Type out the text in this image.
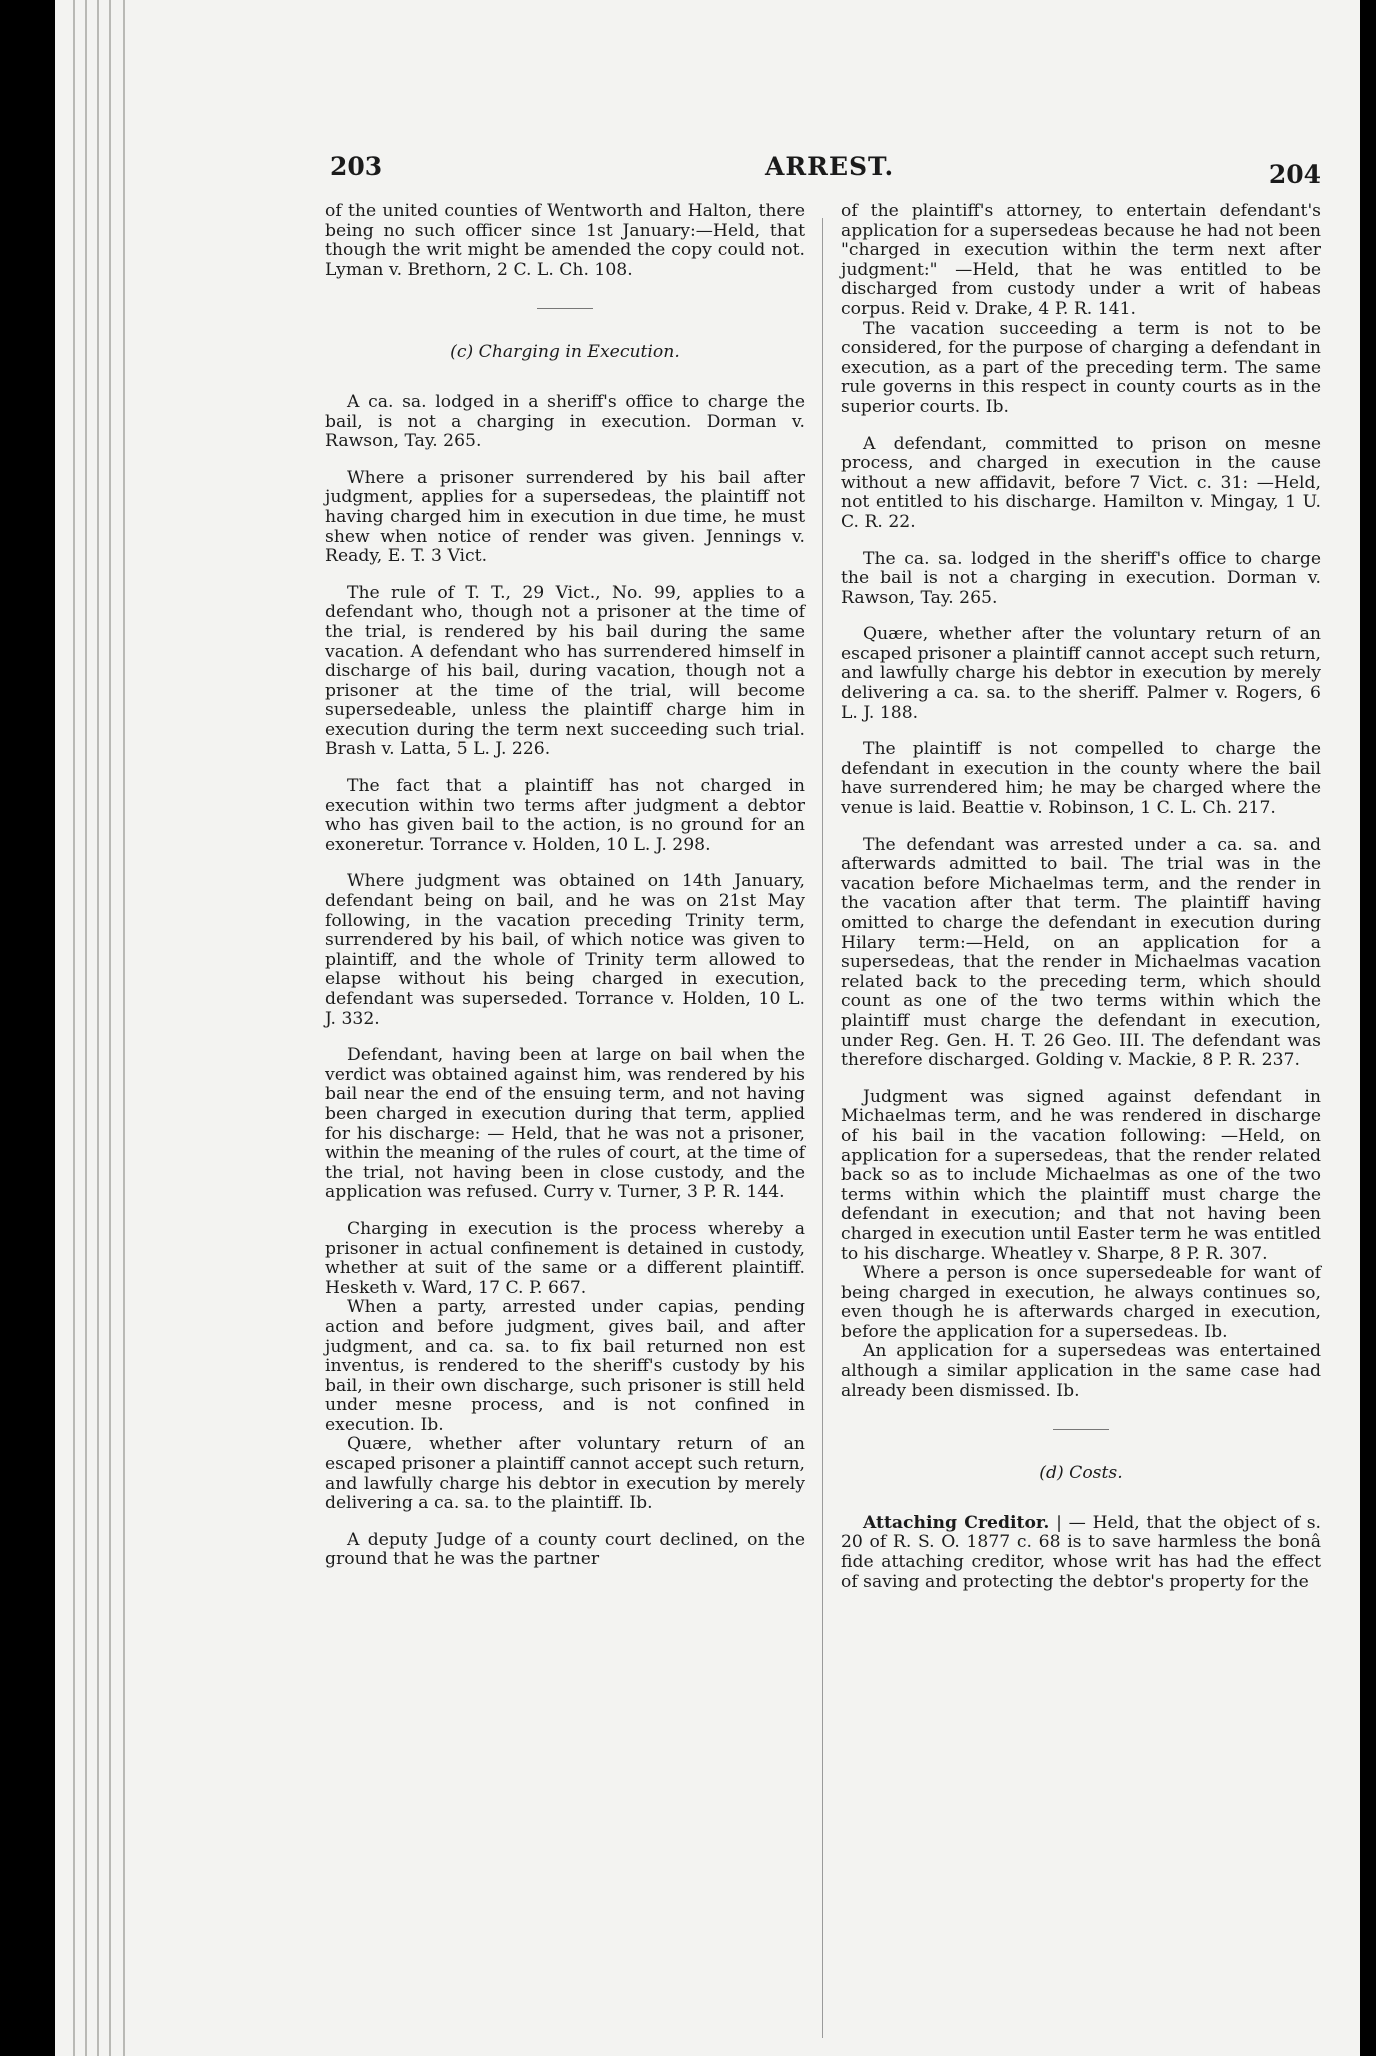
203	ARREST.	204

of the united counties of Wentworth and Halton, there being no such officer since 1st January:—Held, that though the writ might be amended the copy could not. Lyman v. Brethorn, 2 C. L. Ch. 108.

(c) Charging in Execution.

A ca. sa. lodged in a sheriff's office to charge the bail, is not a charging in execution. Dorman v. Rawson, Tay. 265.

Where a prisoner surrendered by his bail after judgment, applies for a supersedeas, the plaintiff not having charged him in execution in due time, he must shew when notice of render was given. Jennings v. Ready, E. T. 3 Vict.

The rule of T. T., 29 Vict., No. 99, applies to a defendant who, though not a prisoner at the time of the trial, is rendered by his bail during the same vacation. A defendant who has surrendered himself in discharge of his bail, during vacation, though not a prisoner at the time of the trial, will become supersedeable, unless the plaintiff charge him in execution during the term next succeeding such trial. Brash v. Latta, 5 L. J. 226.

The fact that a plaintiff has not charged in execution within two terms after judgment a debtor who has given bail to the action, is no ground for an exoneretur. Torrance v. Holden, 10 L. J. 298.

Where judgment was obtained on 14th January, defendant being on bail, and he was on 21st May following, in the vacation preceding Trinity term, surrendered by his bail, of which notice was given to plaintiff, and the whole of Trinity term allowed to elapse without his being charged in execution, defendant was superseded. Torrance v. Holden, 10 L. J. 332.

Defendant, having been at large on bail when the verdict was obtained against him, was rendered by his bail near the end of the ensuing term, and not having been charged in execution during that term, applied for his discharge: — Held, that he was not a prisoner, within the meaning of the rules of court, at the time of the trial, not having been in close custody, and the application was refused. Curry v. Turner, 3 P. R. 144.

Charging in execution is the process whereby a prisoner in actual confinement is detained in custody, whether at suit of the same or a different plaintiff. Hesketh v. Ward, 17 C. P. 667.

When a party, arrested under capias, pending action and before judgment, gives bail, and after judgment, and ca. sa. to fix bail returned non est inventus, is rendered to the sheriff's custody by his bail, in their own discharge, such prisoner is still held under mesne process, and is not confined in execution. Ib.

Quære, whether after voluntary return of an escaped prisoner a plaintiff cannot accept such return, and lawfully charge his debtor in execution by merely delivering a ca. sa. to the plaintiff. Ib.

A deputy Judge of a county court declined, on the ground that he was the partner

of the plaintiff's attorney, to entertain defendant's application for a supersedeas because he had not been "charged in execution within the term next after judgment:" —Held, that he was entitled to be discharged from custody under a writ of habeas corpus. Reid v. Drake, 4 P. R. 141.

The vacation succeeding a term is not to be considered, for the purpose of charging a defendant in execution, as a part of the preceding term. The same rule governs in this respect in county courts as in the superior courts. Ib.

A defendant, committed to prison on mesne process, and charged in execution in the cause without a new affidavit, before 7 Vict. c. 31: —Held, not entitled to his discharge. Hamilton v. Mingay, 1 U. C. R. 22.

The ca. sa. lodged in the sheriff's office to charge the bail is not a charging in execution. Dorman v. Rawson, Tay. 265.

Quære, whether after the voluntary return of an escaped prisoner a plaintiff cannot accept such return, and lawfully charge his debtor in execution by merely delivering a ca. sa. to the sheriff. Palmer v. Rogers, 6 L. J. 188.

The plaintiff is not compelled to charge the defendant in execution in the county where the bail have surrendered him; he may be charged where the venue is laid. Beattie v. Robinson, 1 C. L. Ch. 217.

The defendant was arrested under a ca. sa. and afterwards admitted to bail. The trial was in the vacation before Michaelmas term, and the render in the vacation after that term. The plaintiff having omitted to charge the defendant in execution during Hilary term:—Held, on an application for a supersedeas, that the render in Michaelmas vacation related back to the preceding term, which should count as one of the two terms within which the plaintiff must charge the defendant in execution, under Reg. Gen. H. T. 26 Geo. III. The defendant was therefore discharged. Golding v. Mackie, 8 P. R. 237.

Judgment was signed against defendant in Michaelmas term, and he was rendered in discharge of his bail in the vacation following: —Held, on application for a supersedeas, that the render related back so as to include Michaelmas as one of the two terms within which the plaintiff must charge the defendant in execution; and that not having been charged in execution until Easter term he was entitled to his discharge. Wheatley v. Sharpe, 8 P. R. 307.

Where a person is once supersedeable for want of being charged in execution, he always continues so, even though he is afterwards charged in execution, before the application for a supersedeas. Ib.

An application for a supersedeas was entertained although a similar application in the same case had already been dismissed. Ib.

(d) Costs.

Attaching Creditor. | — Held, that the object of s. 20 of R. S. O. 1877 c. 68 is to save harmless the bonâ fide attaching creditor, whose writ has had the effect of saving and protecting the debtor's property for the
